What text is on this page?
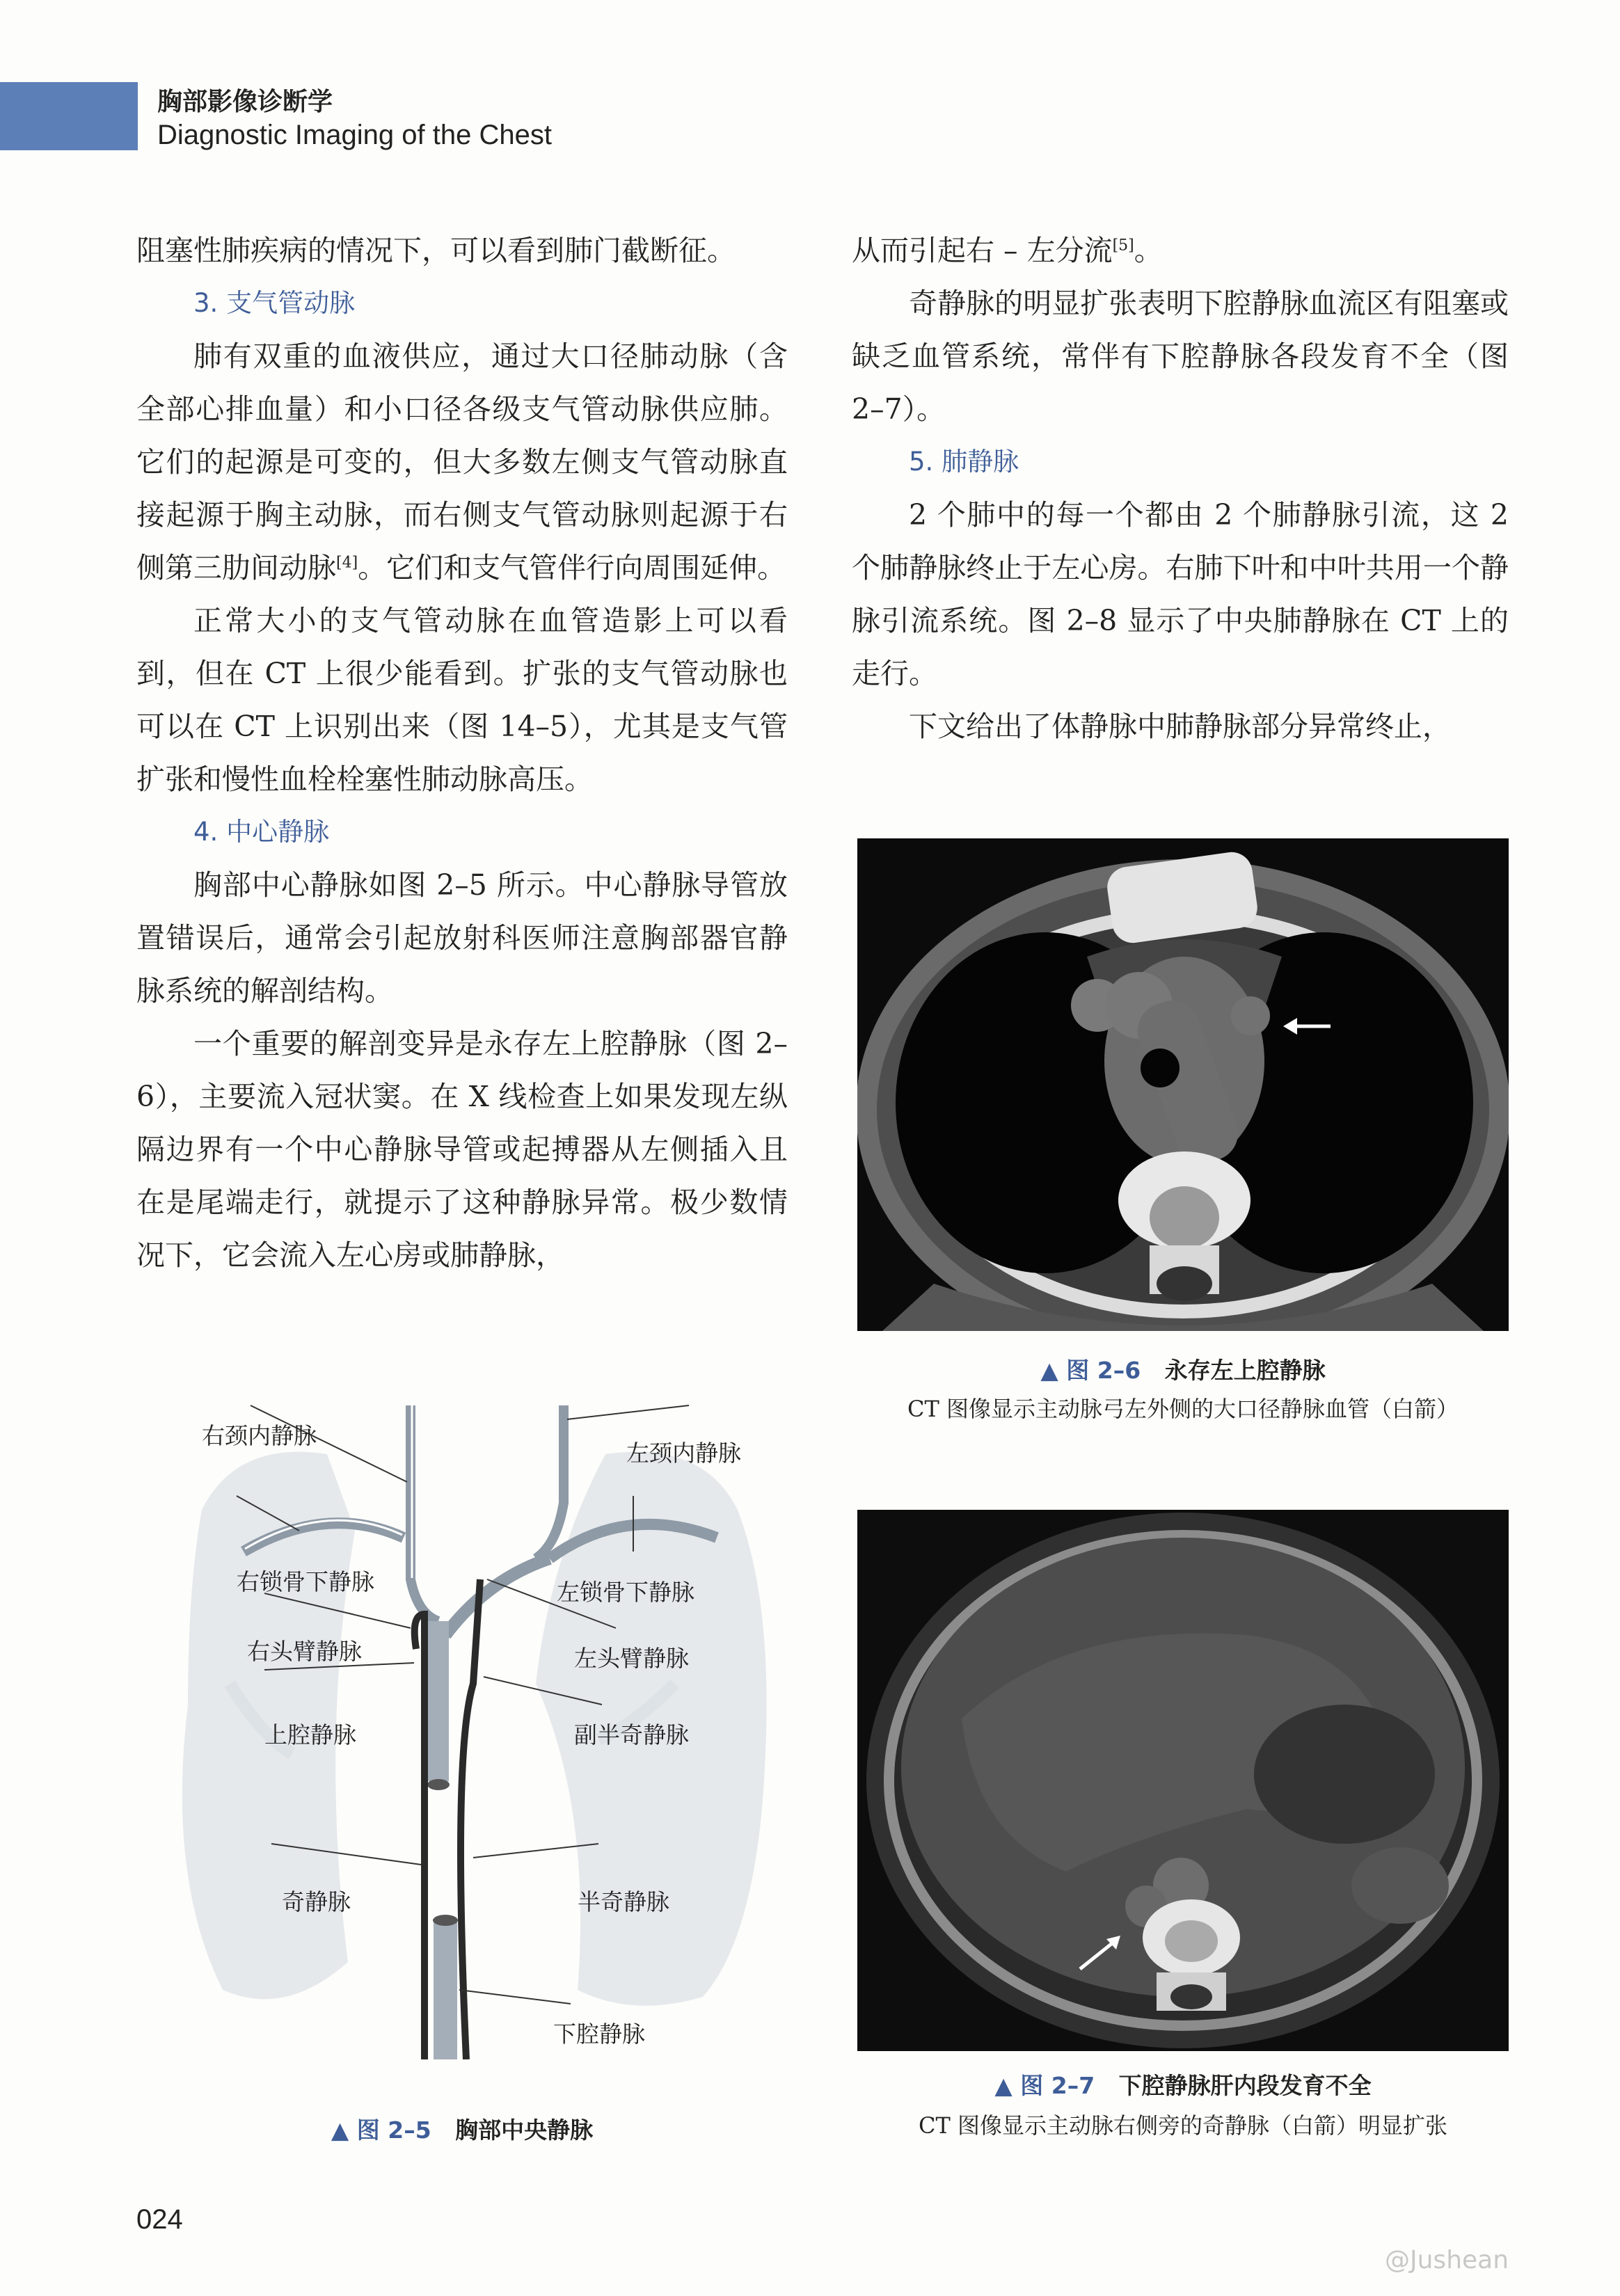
胸部影像诊断学
Diagnostic Imaging of the Chest

阻塞性肺疾病的情况下，可以看到肺门截断征。

3. 支气管动脉

肺有双重的血液供应，通过大口径肺动脉（含全部心排血量）和小口径各级支气管动脉供应肺。它们的起源是可变的，但大多数左侧支气管动脉直接起源于胸主动脉，而右侧支气管动脉则起源于右侧第三肋间动脉[4]。它们和支气管伴行向周围延伸。

正常大小的支气管动脉在血管造影上可以看到，但在 CT 上很少能看到。扩张的支气管动脉也可以在 CT 上识别出来（图 14–5），尤其是支气管扩张和慢性血栓栓塞性肺动脉高压。

4. 中心静脉

胸部中心静脉如图 2–5 所示。中心静脉导管放置错误后，通常会引起放射科医师注意胸部器官静脉系统的解剖结构。

一个重要的解剖变异是永存左上腔静脉（图 2–6），主要流入冠状窦。在 X 线检查上如果发现左纵隔边界有一个中心静脉导管或起搏器从左侧插入且在是尾端走行，就提示了这种静脉异常。极少数情况下，它会流入左心房或肺静脉，

从而引起右 – 左分流[5]。

奇静脉的明显扩张表明下腔静脉血流区有阻塞或缺乏血管系统，常伴有下腔静脉各段发育不全（图 2–7）。

5. 肺静脉

2 个肺中的每一个都由 2 个肺静脉引流，这 2 个肺静脉终止于左心房。右肺下叶和中叶共用一个静脉引流系统。图 2–8 显示了中央肺静脉在 CT 上的走行。

下文给出了体静脉中肺静脉部分异常终止，

▲ 图 2–6 永存左上腔静脉
CT 图像显示主动脉弓左外侧的大口径静脉血管（白箭）
▲ 图 2–7 下腔静脉肝内段发育不全
CT 图像显示主动脉右侧旁的奇静脉（白箭）明显扩张
右颈内静脉
左颈内静脉
右锁骨下静脉	左锁骨下静脉
右头臂静脉	左头臂静脉
上腔静脉	副半奇静脉
奇静脉	半奇静脉
下腔静脉
▲ 图 2–5 胸部中央静脉
024
@Jushean
